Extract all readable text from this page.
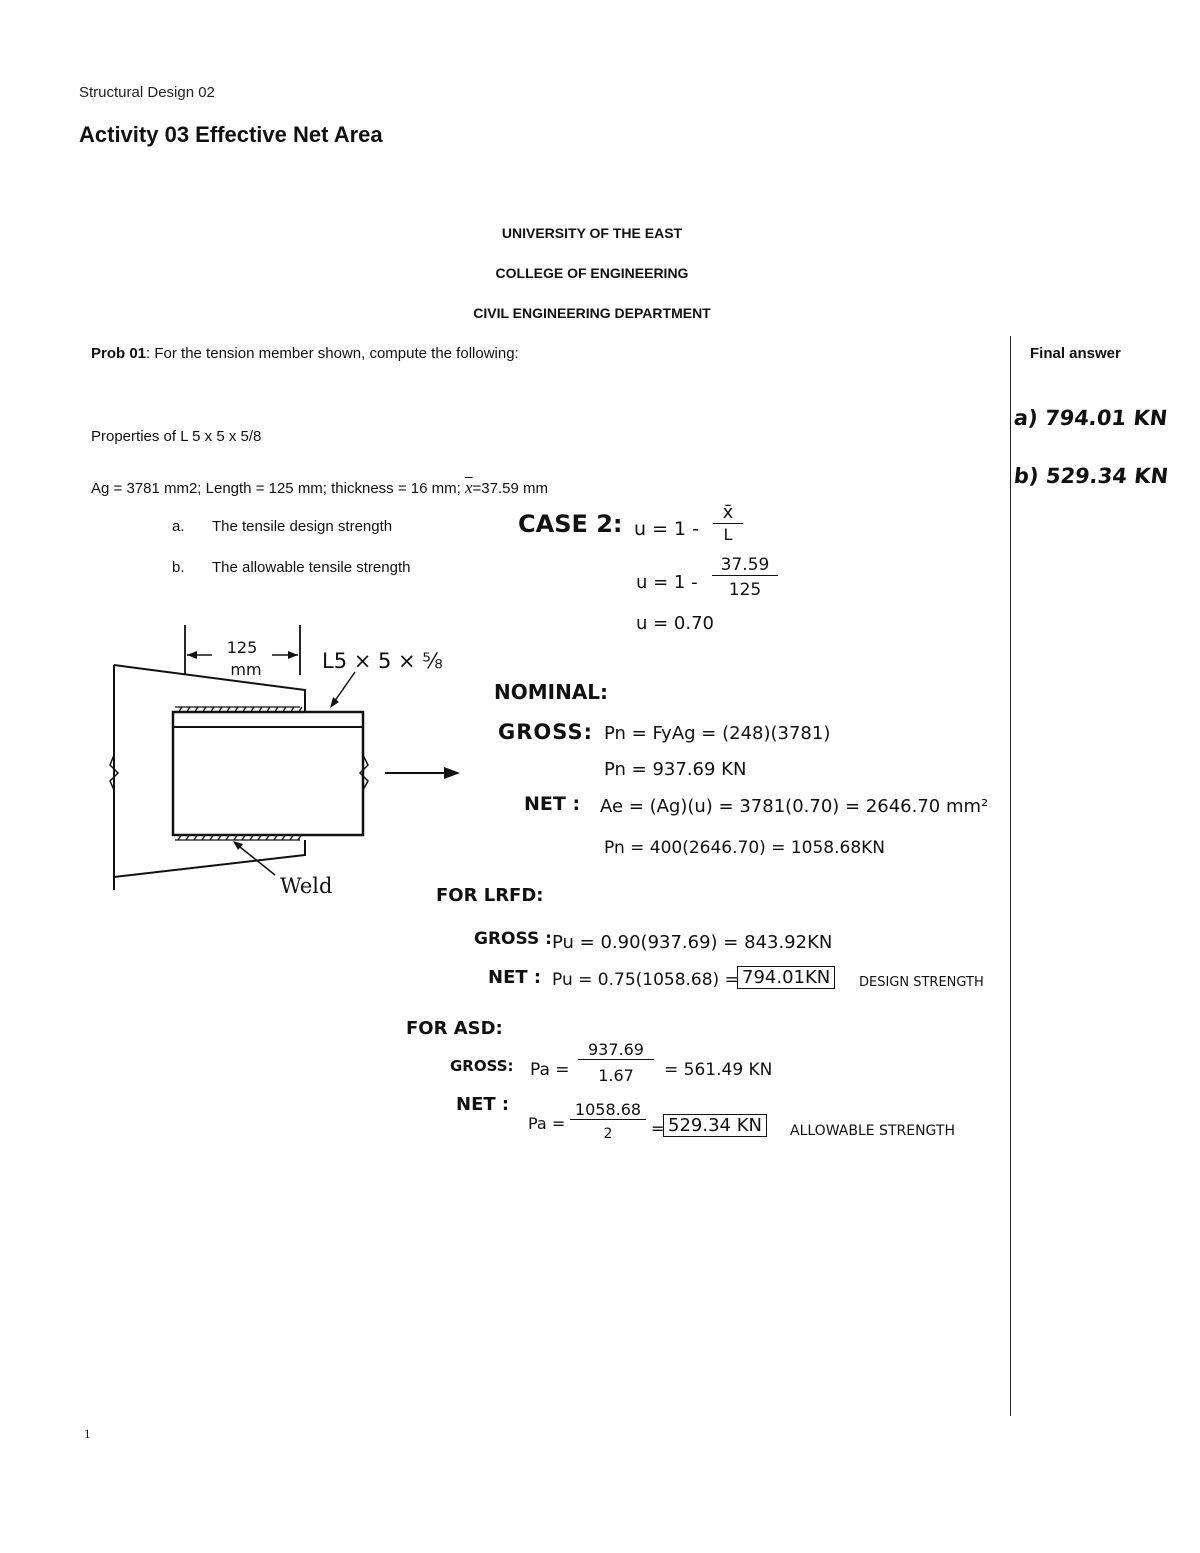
Structural Design 02
Activity 03 Effective Net Area
UNIVERSITY OF THE EAST
COLLEGE OF ENGINEERING
CIVIL ENGINEERING DEPARTMENT
Prob 01: For the tension member shown, compute the following:
Properties of L 5 x 5 x 5/8
Ag = 3781 mm2; Length = 125 mm; thickness = 16 mm; $\overline{x}=37.59$ mm
a. The tensile design strength
b. The allowable tensile strength
125
mm	L5 × 5 × ⅝
Weld
CASE 2: u = 1 -
x̄
L
u = 1 -
37.59
125
u = 0.70
NOMINAL:
GROSS: Pn = FyAg = (248)(3781)
Pn = 937.69 KN
NET : Ae = (Ag)(u) = 3781(0.70) = 2646.70 mm²
Pn = 400(2646.70) = 1058.68KN
FOR LRFD:
GROSS : Pu = 0.90(937.69) = 843.92KN
NET : Pu = 0.75(1058.68) = 794.01KN	DESIGN STRENGTH
FOR ASD:
GROSS: Pa =
937.69
1.67	= 561.49 KN
NET :
Pa =
1058.68
2	= 529.34 KN	ALLOWABLE STRENGTH
Final answer
a) 794.01 KN
b) 529.34 KN
1
